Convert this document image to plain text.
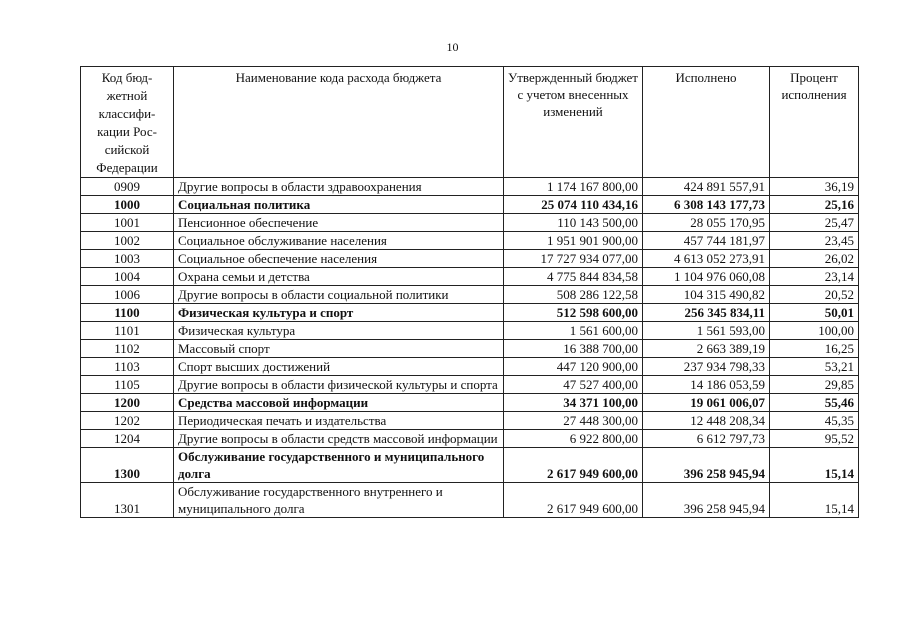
10
Код бюд-жетной классифи-кации Рос-сийской Федерации	Наименование кода расхода бюджета	Утвержденный бюджет с учетом внесенных изменений	Исполнено	Процент исполнения
0909	Другие вопросы в области здравоохранения	1 174 167 800,00	424 891 557,91	36,19
1000	Социальная политика	25 074 110 434,16	6 308 143 177,73	25,16
1001	Пенсионное обеспечение	110 143 500,00	28 055 170,95	25,47
1002	Социальное обслуживание населения	1 951 901 900,00	457 744 181,97	23,45
1003	Социальное обеспечение населения	17 727 934 077,00	4 613 052 273,91	26,02
1004	Охрана семьи и детства	4 775 844 834,58	1 104 976 060,08	23,14
1006	Другие вопросы в области социальной политики	508 286 122,58	104 315 490,82	20,52
1100	Физическая культура и спорт	512 598 600,00	256 345 834,11	50,01
1101	Физическая культура	1 561 600,00	1 561 593,00	100,00
1102	Массовый спорт	16 388 700,00	2 663 389,19	16,25
1103	Спорт высших достижений	447 120 900,00	237 934 798,33	53,21
1105	Другие вопросы в области физической культуры и спорта	47 527 400,00	14 186 053,59	29,85
1200	Средства массовой информации	34 371 100,00	19 061 006,07	55,46
1202	Периодическая печать и издательства	27 448 300,00	12 448 208,34	45,35
1204	Другие вопросы в области средств массовой информации	6 922 800,00	6 612 797,73	95,52
1300	Обслуживание государственного и муниципального долга	2 617 949 600,00	396 258 945,94	15,14
1301	Обслуживание государственного внутреннего и муниципального долга	2 617 949 600,00	396 258 945,94	15,14
